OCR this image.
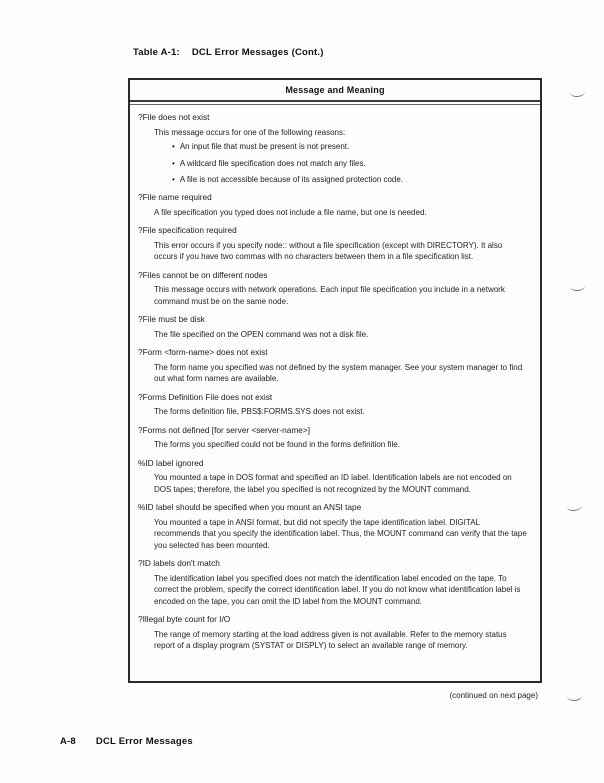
Table A-1: DCL Error Messages (Cont.)
Message and Meaning

?File does not exist

This message occurs for one of the following reasons:

• An input file that must be present is not present.
• A wildcard file specification does not match any files.
• A file is not accessible because of its assigned protection code.

?File name required

A file specification you typed does not include a file name, but one is needed.

?File specification required

This error occurs if you specify node:: without a file specification (except with DIRECTORY). It also occurs if you have two commas with no characters between them in a file specification list.

?Files cannot be on different nodes

This message occurs with network operations. Each input file specification you include in a network command must be on the same node.

?File must be disk

The file specified on the OPEN command was not a disk file.

?Form <form-name> does not exist

The form name you specified was not defined by the system manager. See your system manager to find out what form names are available.

?Forms Definition File does not exist

The forms definition file, PBS$:FORMS.SYS does not exist.

?Forms not defined [for server <server-name>]

The forms you specified could not be found in the forms definition file.

%ID label ignored

You mounted a tape in DOS format and specified an ID label. Identification labels are not encoded on DOS tapes; therefore, the label you specified is not recognized by the MOUNT command.

%ID label should be specified when you mount an ANSI tape

You mounted a tape in ANSI format, but did not specify the tape identification label. DIGITAL recommends that you specify the identification label. Thus, the MOUNT command can verify that the tape you selected has been mounted.

?ID labels don't match

The identification label you specified does not match the identification label encoded on the tape. To correct the problem, specify the correct identification label. If you do not know what identification label is encoded on the tape, you can omit the ID label from the MOUNT command.

?Illegal byte count for I/O

The range of memory starting at the load address given is not available. Refer to the memory status report of a display program (SYSTAT or DISPLY) to select an available range of memory.

(continued on next page)
A-8 DCL Error Messages
